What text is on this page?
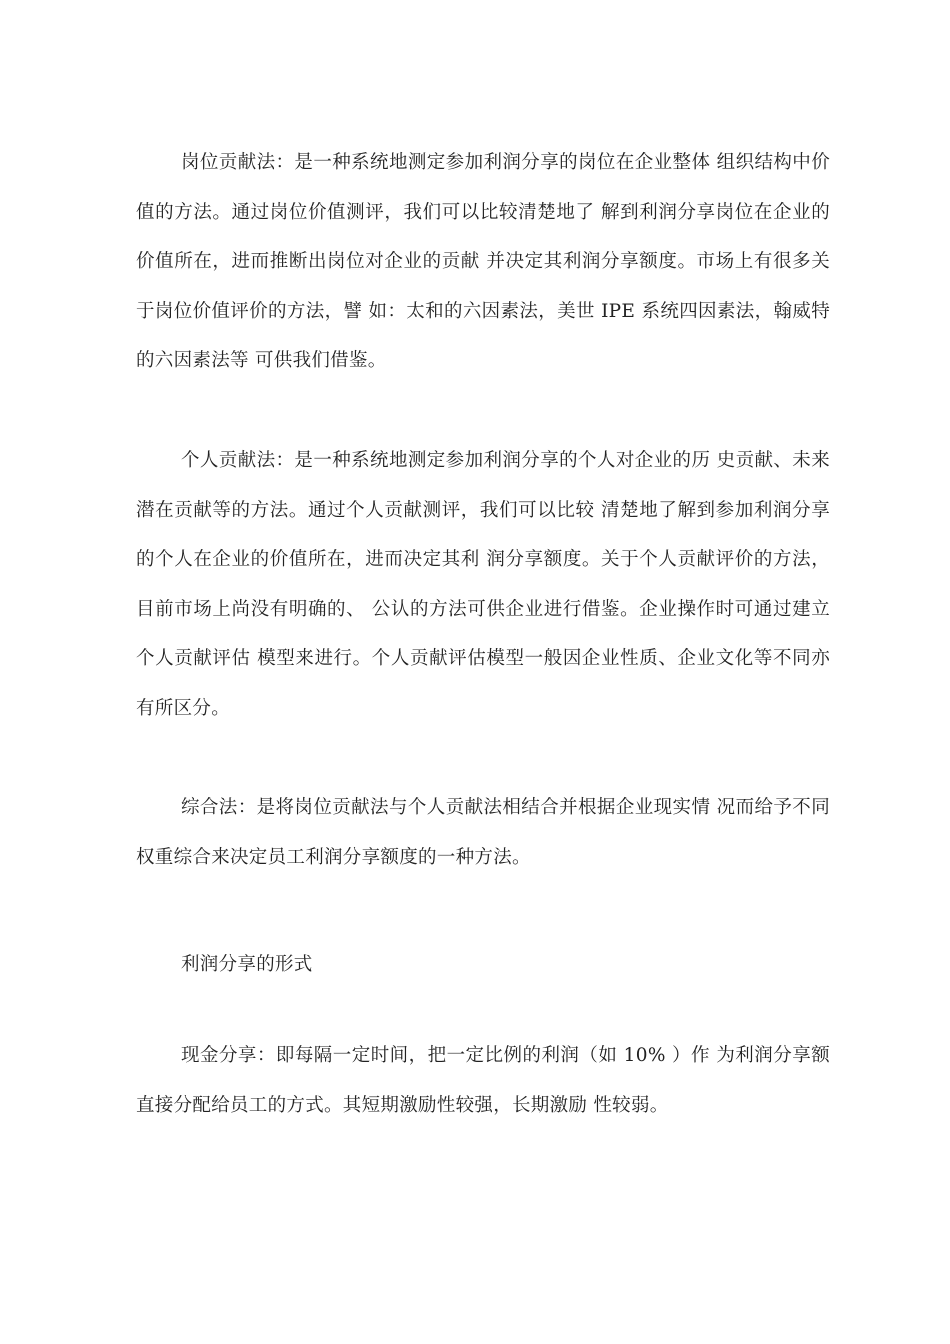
岗位贡献法：是一种系统地测定参加利润分享的岗位在企业整体 组织结构中价值的方法。通过岗位价值测评，我们可以比较清楚地了 解到利润分享岗位在企业的价值所在，进而推断出岗位对企业的贡献 并决定其利润分享额度。市场上有很多关于岗位价值评价的方法，譬 如：太和的六因素法，美世 IPE 系统四因素法，翰威特的六因素法等 可供我们借鉴。

个人贡献法：是一种系统地测定参加利润分享的个人对企业的历 史贡献、未来潜在贡献等的方法。通过个人贡献测评，我们可以比较 清楚地了解到参加利润分享的个人在企业的价值所在，进而决定其利 润分享额度。关于个人贡献评价的方法，目前市场上尚没有明确的、 公认的方法可供企业进行借鉴。企业操作时可通过建立个人贡献评估 模型来进行。个人贡献评估模型一般因企业性质、企业文化等不同亦 有所区分。

综合法：是将岗位贡献法与个人贡献法相结合并根据企业现实情 况而给予不同权重综合来决定员工利润分享额度的一种方法。

利润分享的形式

现金分享：即每隔一定时间，把一定比例的利润（如 10% ）作 为利润分享额直接分配给员工的方式。其短期激励性较强，长期激励 性较弱。
